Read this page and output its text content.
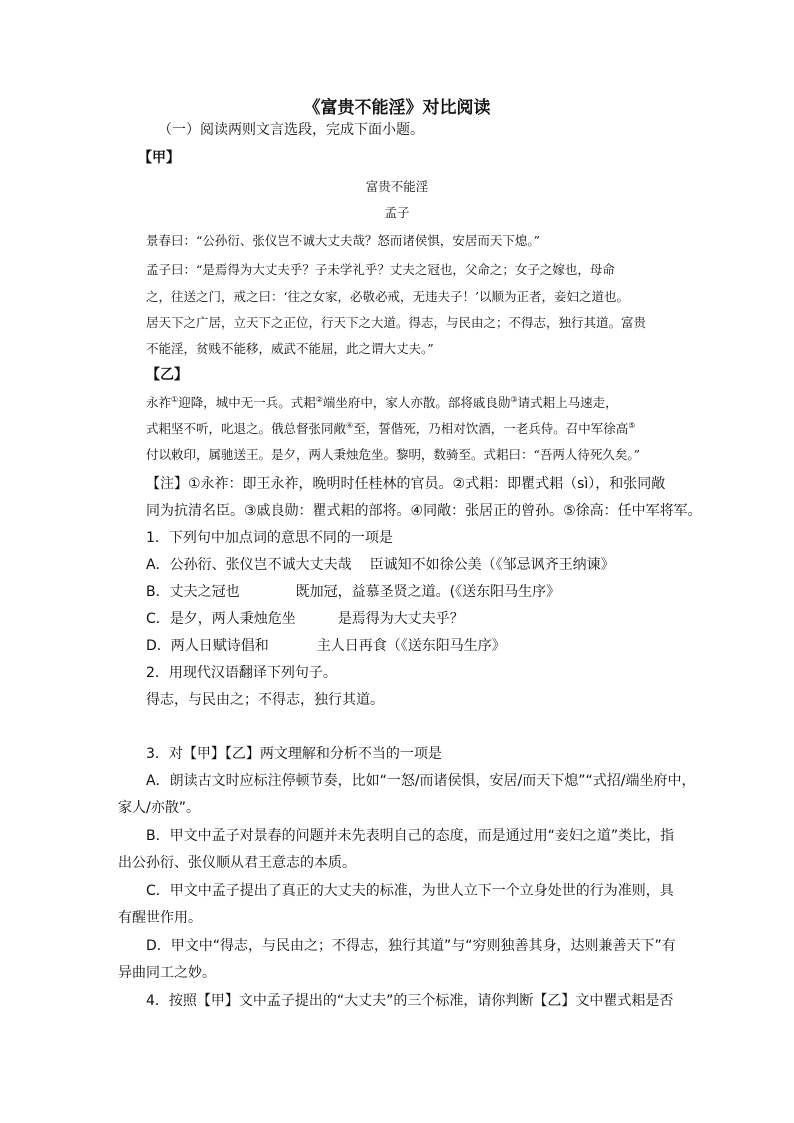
《富贵不能淫》对比阅读
（一）阅读两则文言选段，完成下面小题。
【甲】
富贵不能淫
孟子
景春曰：“公孙衍、张仪岂不诚大丈夫哉？怒而诸侯惧，安居而天下熄。”
孟子曰：“是焉得为大丈夫乎？子未学礼乎？丈夫之冠也，父命之；女子之嫁也，母命
之，往送之门，戒之曰：‘往之女家，必敬必戒，无违夫子！’以顺为正者，妾妇之道也。
居天下之广居，立天下之正位，行天下之大道。得志，与民由之；不得志，独行其道。富贵
不能淫，贫贱不能移，威武不能屈，此之谓大丈夫。”
【乙】
永祚①迎降，城中无一兵。式耜②端坐府中，家人亦散。部将戚良勋③请式耜上马速走，
式耜坚不听，叱退之。俄总督张同敞④至，誓偕死，乃相对饮酒，一老兵侍。召中军徐高⑤
付以敕印，属驰送王。是夕，两人秉烛危坐。黎明，数骑至。式耜曰：“吾两人待死久矣。”
【注】①永祚：即王永祚，晚明时任桂林的官员。②式耜：即瞿式耜（sì），和张同敞
同为抗清名臣。③戚良勋：瞿式耜的部将。④同敞：张居正的曾孙。⑤徐高：任中军将军。
1．下列句中加点词的意思不同的一项是
A．公孙衍、张仪岂不诚大丈夫哉 臣诚知不如徐公美（《邹忌讽齐王纳谏》
B．丈夫之冠也	既加冠，益慕圣贤之道。(《送东阳马生序》
C．是夕，两人秉烛危坐	是焉得为大丈夫乎？
D．两人日赋诗倡和	主人日再食（《送东阳马生序》
2．用现代汉语翻译下列句子。
得志，与民由之；不得志，独行其道。
3．对【甲】【乙】两文理解和分析不当的一项是
A．朗读古文时应标注停顿节奏，比如“一怒/而诸侯惧，安居/而天下熄”“式招/端坐府中，
家人/亦散”。
B．甲文中孟子对景春的问题并未先表明自己的态度，而是通过用“妾妇之道”类比，指
出公孙衍、张仪顺从君王意志的本质。
C．甲文中孟子提出了真正的大丈夫的标准，为世人立下一个立身处世的行为准则，具
有醒世作用。
D．甲文中“得志，与民由之；不得志，独行其道”与“穷则独善其身，达则兼善天下”有
异曲同工之妙。
4．按照【甲】文中孟子提出的“大丈夫”的三个标准，请你判断【乙】文中瞿式耜是否
